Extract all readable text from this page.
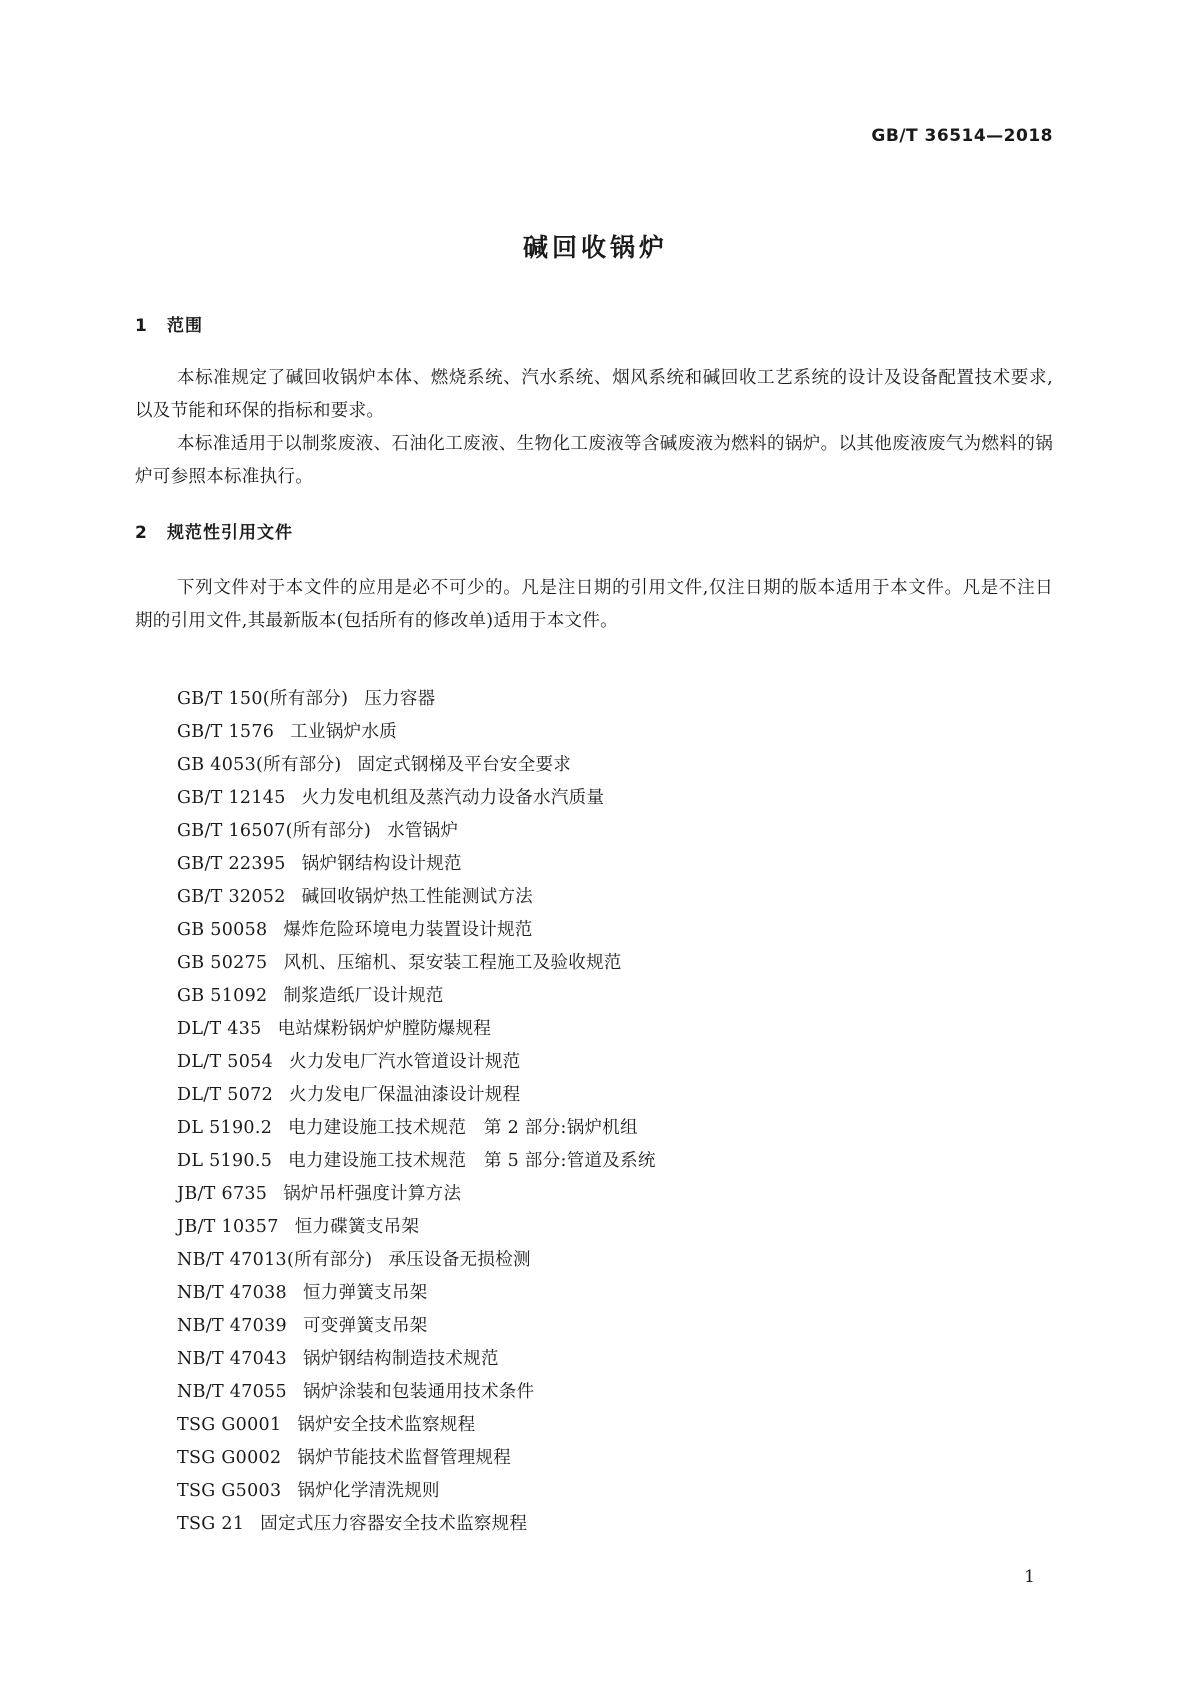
GB/T 36514—2018
碱回收锅炉
1 范围

本标准规定了碱回收锅炉本体、燃烧系统、汽水系统、烟风系统和碱回收工艺系统的设计及设备配置技术要求,以及节能和环保的指标和要求。

本标准适用于以制浆废液、石油化工废液、生物化工废液等含碱废液为燃料的锅炉。以其他废液废气为燃料的锅炉可参照本标准执行。

2 规范性引用文件

下列文件对于本文件的应用是必不可少的。凡是注日期的引用文件,仅注日期的版本适用于本文件。凡是不注日期的引用文件,其最新版本(包括所有的修改单)适用于本文件。

GB/T 150(所有部分) 压力容器
GB/T 1576 工业锅炉水质
GB 4053(所有部分) 固定式钢梯及平台安全要求
GB/T 12145 火力发电机组及蒸汽动力设备水汽质量
GB/T 16507(所有部分) 水管锅炉
GB/T 22395 锅炉钢结构设计规范
GB/T 32052 碱回收锅炉热工性能测试方法
GB 50058 爆炸危险环境电力装置设计规范
GB 50275 风机、压缩机、泵安装工程施工及验收规范
GB 51092 制浆造纸厂设计规范
DL/T 435 电站煤粉锅炉炉膛防爆规程
DL/T 5054 火力发电厂汽水管道设计规范
DL/T 5072 火力发电厂保温油漆设计规程
DL 5190.2 电力建设施工技术规范　第 2 部分:锅炉机组
DL 5190.5 电力建设施工技术规范　第 5 部分:管道及系统
JB/T 6735 锅炉吊杆强度计算方法
JB/T 10357 恒力碟簧支吊架
NB/T 47013(所有部分) 承压设备无损检测
NB/T 47038 恒力弹簧支吊架
NB/T 47039 可变弹簧支吊架
NB/T 47043 锅炉钢结构制造技术规范
NB/T 47055 锅炉涂装和包装通用技术条件
TSG G0001 锅炉安全技术监察规程
TSG G0002 锅炉节能技术监督管理规程
TSG G5003 锅炉化学清洗规则
TSG 21 固定式压力容器安全技术监察规程
1
